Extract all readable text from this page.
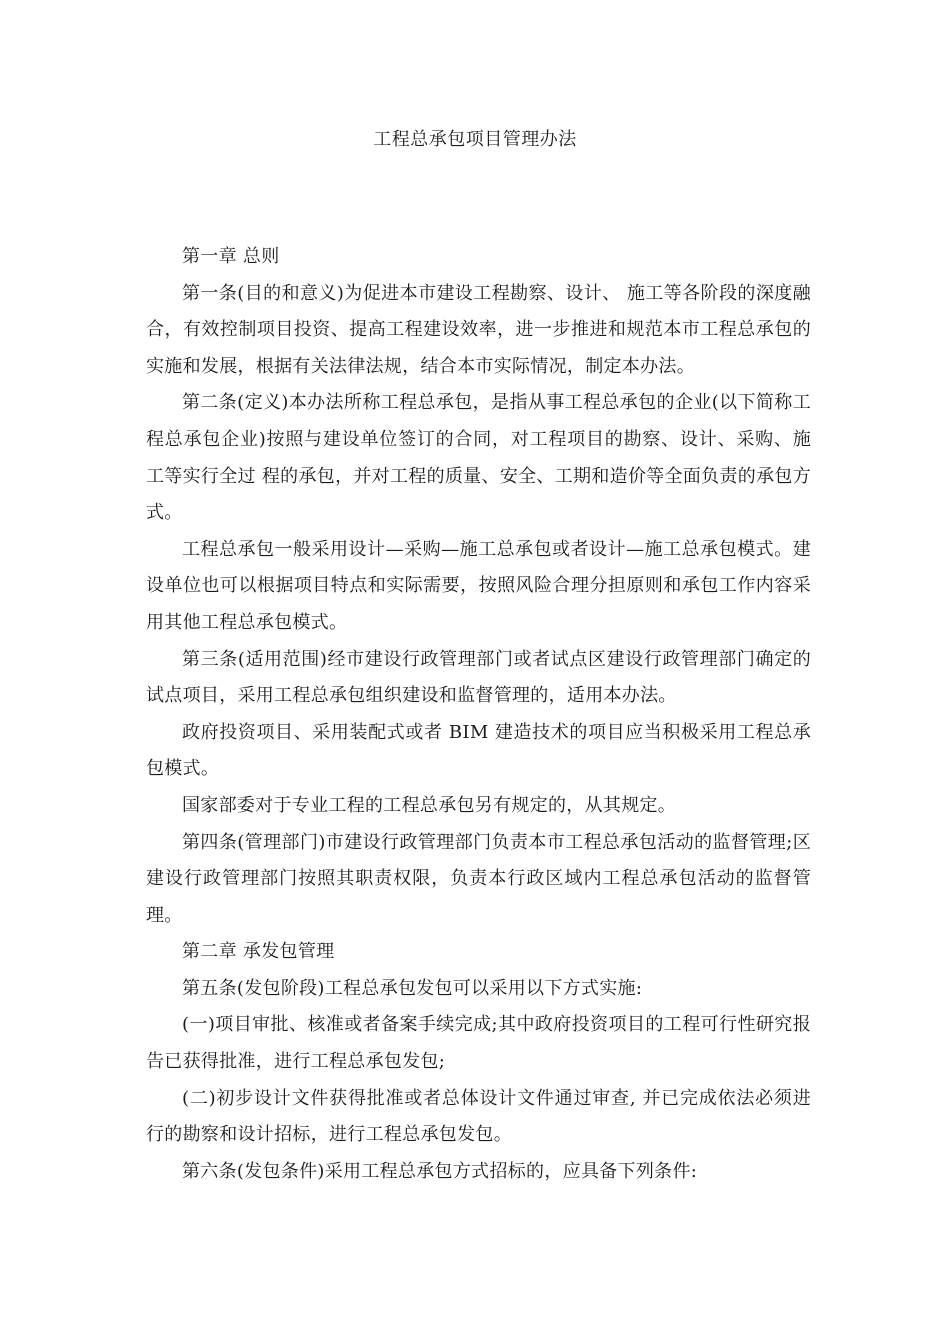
工程总承包项目管理办法

第一章 总则

第一条(目的和意义)为促进本市建设工程勘察、设计、 施工等各阶段的深度融合，有效控制项目投资、提高工程建设效率，进一步推进和规范本市工程总承包的实施和发展，根据有关法律法规，结合本市实际情况，制定本办法。

第二条(定义)本办法所称工程总承包，是指从事工程总承包的企业(以下简称工程总承包企业)按照与建设单位签订的合同，对工程项目的勘察、设计、采购、施工等实行全过 程的承包，并对工程的质量、安全、工期和造价等全面负责的承包方式。

工程总承包一般采用设计—采购—施工总承包或者设计—施工总承包模式。建设单位也可以根据项目特点和实际需要，按照风险合理分担原则和承包工作内容采用其他工程总承包模式。

第三条(适用范围)经市建设行政管理部门或者试点区建设行政管理部门确定的试点项目，采用工程总承包组织建设和监督管理的，适用本办法。

政府投资项目、采用装配式或者 BIM 建造技术的项目应当积极采用工程总承包模式。

国家部委对于专业工程的工程总承包另有规定的，从其规定。

第四条(管理部门)市建设行政管理部门负责本市工程总承包活动的监督管理;区建设行政管理部门按照其职责权限，负责本行政区域内工程总承包活动的监督管理。

第二章 承发包管理

第五条(发包阶段)工程总承包发包可以采用以下方式实施:

(一)项目审批、核准或者备案手续完成;其中政府投资项目的工程可行性研究报告已获得批准，进行工程总承包发包;

(二)初步设计文件获得批准或者总体设计文件通过审查, 并已完成依法必须进行的勘察和设计招标，进行工程总承包发包。

第六条(发包条件)采用工程总承包方式招标的，应具备下列条件:
